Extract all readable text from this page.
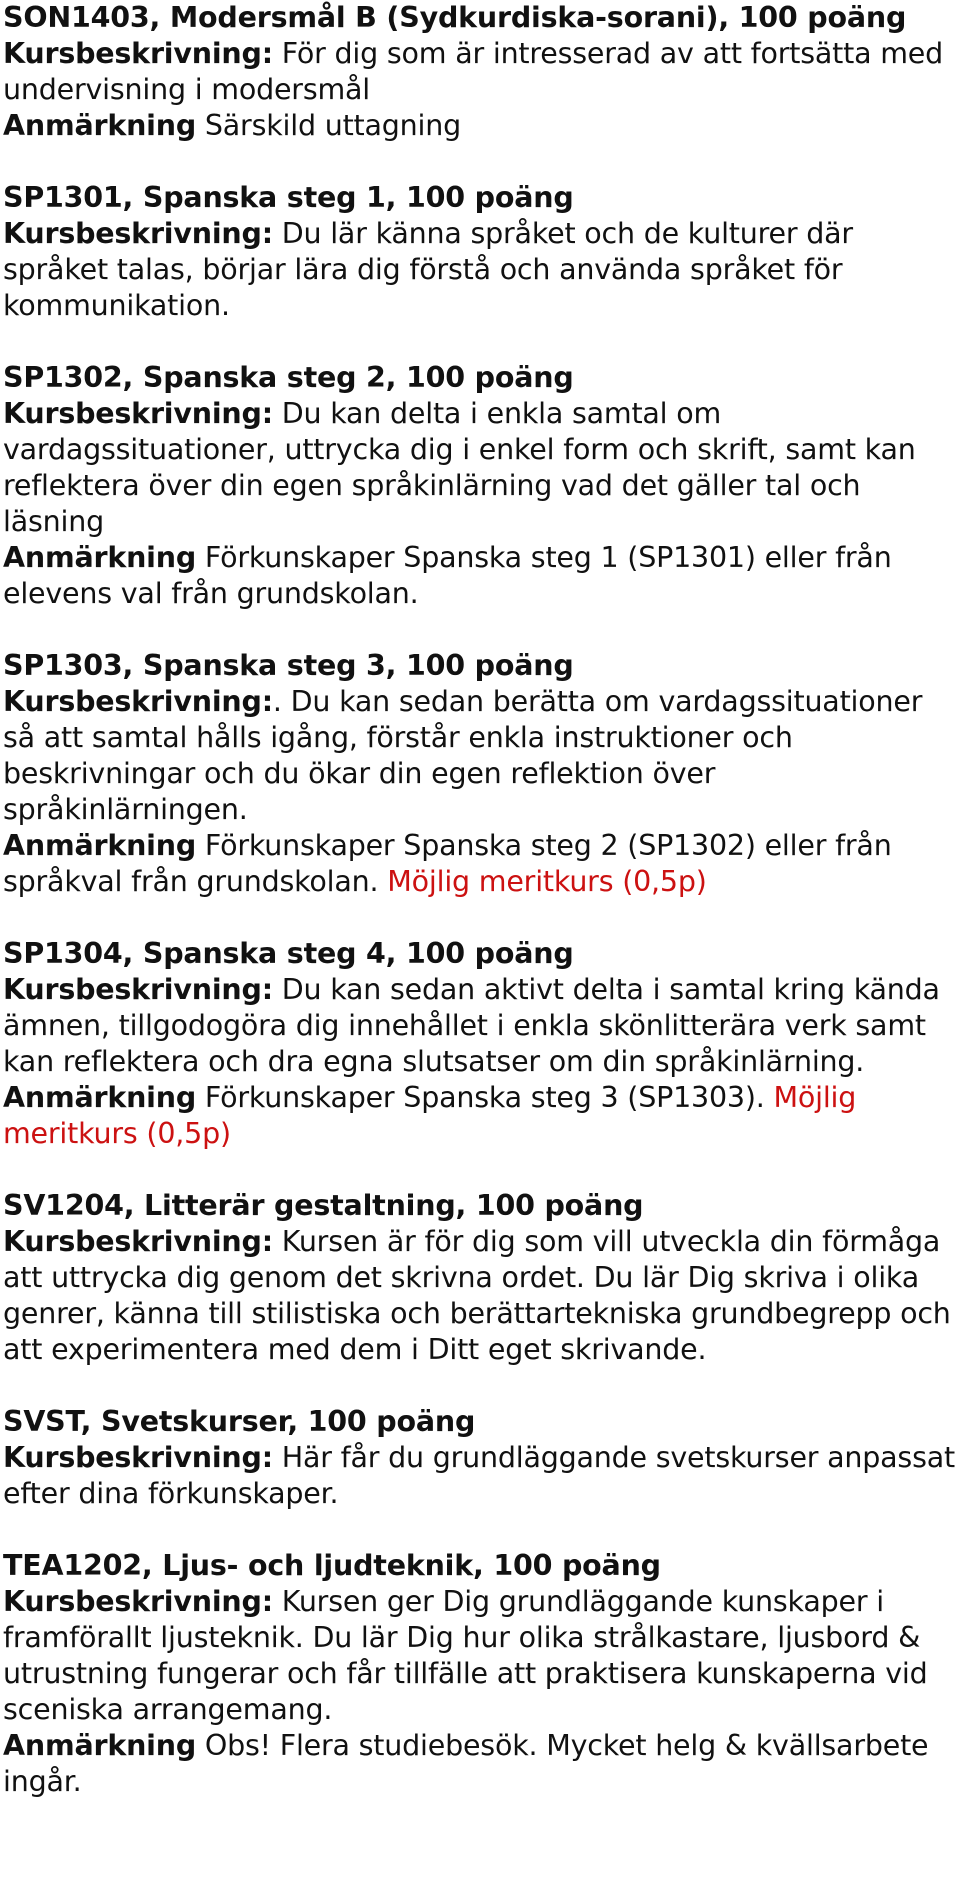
SON1403, Modersmål B (Sydkurdiska-sorani), 100 poäng

Kursbeskrivning: För dig som är intresserad av att fortsätta med undervisning i modersmål

Anmärkning Särskild uttagning

SP1301, Spanska steg 1, 100 poäng

Kursbeskrivning: Du lär känna språket och de kulturer där språket talas, börjar lära dig förstå och använda språket för kommunikation.

SP1302, Spanska steg 2, 100 poäng

Kursbeskrivning: Du kan delta i enkla samtal om vardagssituationer, uttrycka dig i enkel form och skrift, samt kan reflektera över din egen språkinlärning vad det gäller tal och läsning

Anmärkning Förkunskaper Spanska steg 1 (SP1301) eller från elevens val från grundskolan.

SP1303, Spanska steg 3, 100 poäng

Kursbeskrivning:. Du kan sedan berätta om vardagssituationer så att samtal hålls igång, förstår enkla instruktioner och beskrivningar och du ökar din egen reflektion över språkinlärningen.

Anmärkning Förkunskaper Spanska steg 2 (SP1302) eller från språkval från grundskolan. Möjlig meritkurs (0,5p)

SP1304, Spanska steg 4, 100 poäng

Kursbeskrivning: Du kan sedan aktivt delta i samtal kring kända ämnen, tillgodogöra dig innehållet i enkla skönlitterära verk samt kan reflektera och dra egna slutsatser om din språkinlärning.

Anmärkning Förkunskaper Spanska steg 3 (SP1303). Möjlig meritkurs (0,5p)

SV1204, Litterär gestaltning, 100 poäng

Kursbeskrivning: Kursen är för dig som vill utveckla din förmåga att uttrycka dig genom det skrivna ordet. Du lär Dig skriva i olika genrer, känna till stilistiska och berättartekniska grundbegrepp och att experimentera med dem i Ditt eget skrivande.

SVST, Svetskurser, 100 poäng

Kursbeskrivning: Här får du grundläggande svetskurser anpassat efter dina förkunskaper.

TEA1202, Ljus- och ljudteknik, 100 poäng

Kursbeskrivning: Kursen ger Dig grundläggande kunskaper i framförallt ljusteknik. Du lär Dig hur olika strålkastare, ljusbord & utrustning fungerar och får tillfälle att praktisera kunskaperna vid sceniska arrangemang.

Anmärkning Obs! Flera studiebesök. Mycket helg & kvällsarbete ingår.
